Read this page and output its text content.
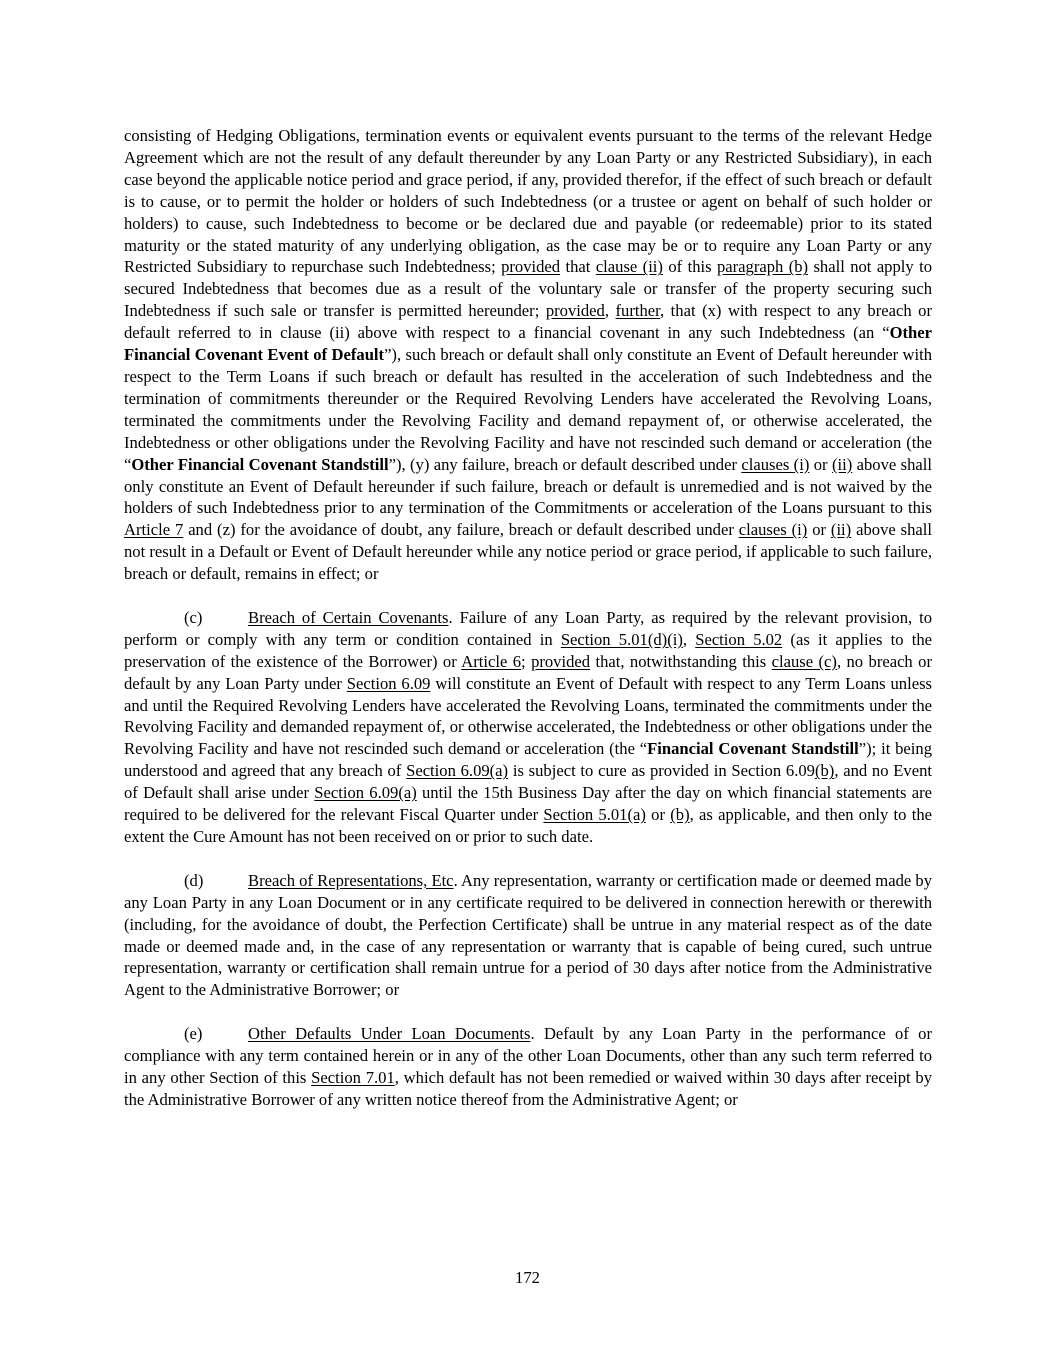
consisting of Hedging Obligations, termination events or equivalent events pursuant to the terms of the relevant Hedge Agreement which are not the result of any default thereunder by any Loan Party or any Restricted Subsidiary), in each case beyond the applicable notice period and grace period, if any, provided therefor, if the effect of such breach or default is to cause, or to permit the holder or holders of such Indebtedness (or a trustee or agent on behalf of such holder or holders) to cause, such Indebtedness to become or be declared due and payable (or redeemable) prior to its stated maturity or the stated maturity of any underlying obligation, as the case may be or to require any Loan Party or any Restricted Subsidiary to repurchase such Indebtedness; provided that clause (ii) of this paragraph (b) shall not apply to secured Indebtedness that becomes due as a result of the voluntary sale or transfer of the property securing such Indebtedness if such sale or transfer is permitted hereunder; provided, further, that (x) with respect to any breach or default referred to in clause (ii) above with respect to a financial covenant in any such Indebtedness (an “Other Financial Covenant Event of Default”), such breach or default shall only constitute an Event of Default hereunder with respect to the Term Loans if such breach or default has resulted in the acceleration of such Indebtedness and the termination of commitments thereunder or the Required Revolving Lenders have accelerated the Revolving Loans, terminated the commitments under the Revolving Facility and demand repayment of, or otherwise accelerated, the Indebtedness or other obligations under the Revolving Facility and have not rescinded such demand or acceleration (the “Other Financial Covenant Standstill”), (y) any failure, breach or default described under clauses (i) or (ii) above shall only constitute an Event of Default hereunder if such failure, breach or default is unremedied and is not waived by the holders of such Indebtedness prior to any termination of the Commitments or acceleration of the Loans pursuant to this Article 7 and (z) for the avoidance of doubt, any failure, breach or default described under clauses (i) or (ii) above shall not result in a Default or Event of Default hereunder while any notice period or grace period, if applicable to such failure, breach or default, remains in effect; or

(c)	Breach of Certain Covenants. Failure of any Loan Party, as required by the relevant provision, to perform or comply with any term or condition contained in Section 5.01(d)(i), Section 5.02 (as it applies to the preservation of the existence of the Borrower) or Article 6; provided that, notwithstanding this clause (c), no breach or default by any Loan Party under Section 6.09 will constitute an Event of Default with respect to any Term Loans unless and until the Required Revolving Lenders have accelerated the Revolving Loans, terminated the commitments under the Revolving Facility and demanded repayment of, or otherwise accelerated, the Indebtedness or other obligations under the Revolving Facility and have not rescinded such demand or acceleration (the “Financial Covenant Standstill”); it being understood and agreed that any breach of Section 6.09(a) is subject to cure as provided in Section 6.09(b), and no Event of Default shall arise under Section 6.09(a) until the 15th Business Day after the day on which financial statements are required to be delivered for the relevant Fiscal Quarter under Section 5.01(a) or (b), as applicable, and then only to the extent the Cure Amount has not been received on or prior to such date.

(d)	Breach of Representations, Etc. Any representation, warranty or certification made or deemed made by any Loan Party in any Loan Document or in any certificate required to be delivered in connection herewith or therewith (including, for the avoidance of doubt, the Perfection Certificate) shall be untrue in any material respect as of the date made or deemed made and, in the case of any representation or warranty that is capable of being cured, such untrue representation, warranty or certification shall remain untrue for a period of 30 days after notice from the Administrative Agent to the Administrative Borrower; or

(e)	Other Defaults Under Loan Documents. Default by any Loan Party in the performance of or compliance with any term contained herein or in any of the other Loan Documents, other than any such term referred to in any other Section of this Section 7.01, which default has not been remedied or waived within 30 days after receipt by the Administrative Borrower of any written notice thereof from the Administrative Agent; or

172
